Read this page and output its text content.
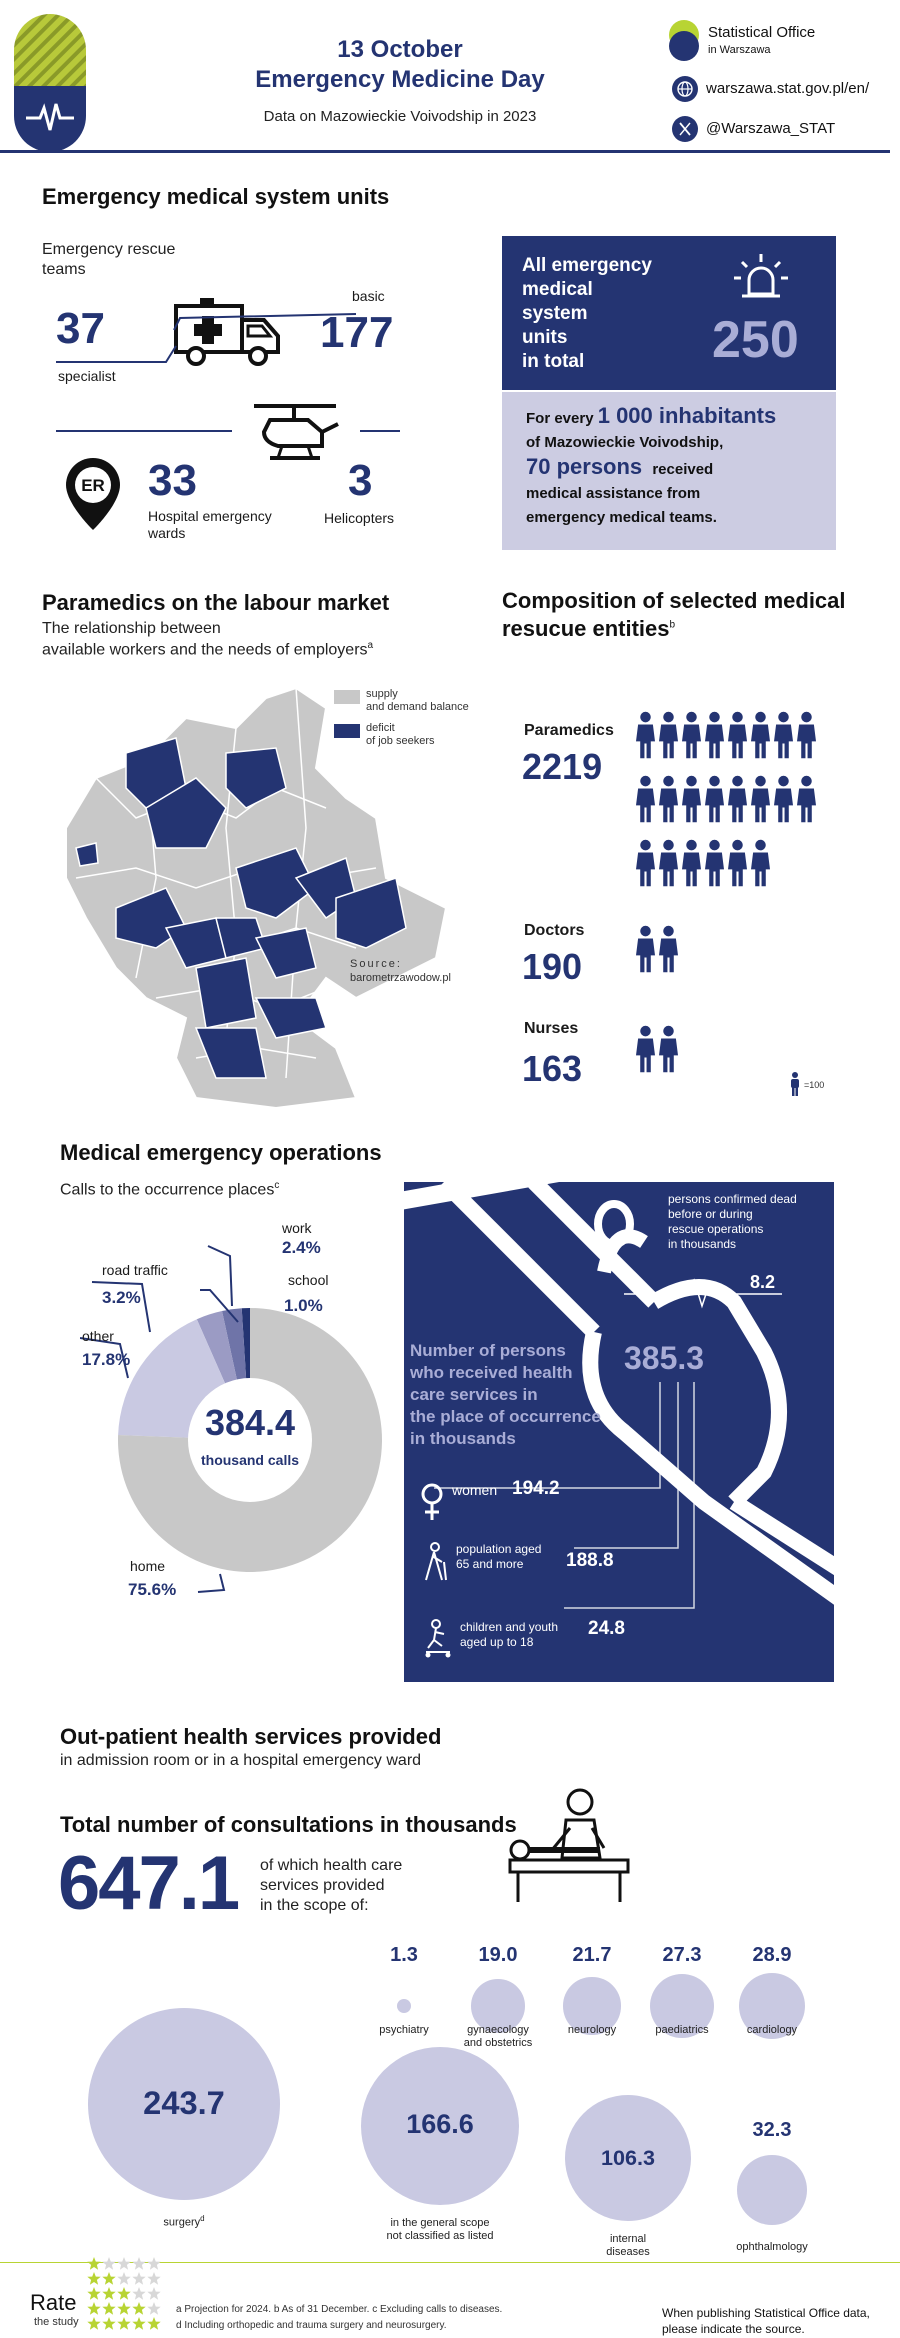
13 October
Emergency Medicine Day
Data on Mazowieckie Voivodship in 2023
Statistical Office
in Warszawa
warszawa.stat.gov.pl/en/
@Warszawa_STAT
Emergency medical system units
Emergency rescue
teams
37
specialist
basic
177
ER 33
Hospital emergency
wards
3
Helicopters
All emergency
medical
system
units
in total	250
For every 1 000 inhabitants
of Mazowieckie Voivodship,
70 persons received
medical assistance from
emergency medical teams.
Paramedics on the labour market
The relationship between
available workers and the needs of employers$^a$
supply
and demand balance
deficit
of job seekers
Source:
barometrzawodow.pl
Composition of selected medical
resucue entities$^b$
Paramedics
2219
Doctors
190
Nurses
163	=100
Medical emergency operations
Calls to the occurrence places$^c$
384.4
thousand calls
work
2.4%
road traffic
3.2%
school
1.0%
other
17.8%
home
75.6%
persons confirmed dead
before or during
rescue operations
in thousands
8.2
Number of persons
who received health
care services in
the place of occurrence
in thousands
385.3
women 194.2
population aged
65 and more	188.8
children and youth
aged up to 18
24.8
Out-patient health services provided
in admission room or in a hospital emergency ward
Total number of consultations in thousands
647.1 of which health care
services provided
in the scope of:
1.3
psychiatry
19.0
gynaecology
and obstetrics
21.7
neurology
27.3
paediatrics
28.9
cardiology
243.7
surgery$^d$
166.6
in the general scope
not classified as listed
106.3
internal
diseases
32.3
ophthalmology
Rate
the study
a Projection for 2024. b As of 31 December. c Excluding calls to diseases.
d Including orthopedic and trauma surgery and neurosurgery.
When publishing Statistical Office data,
please indicate the source.
